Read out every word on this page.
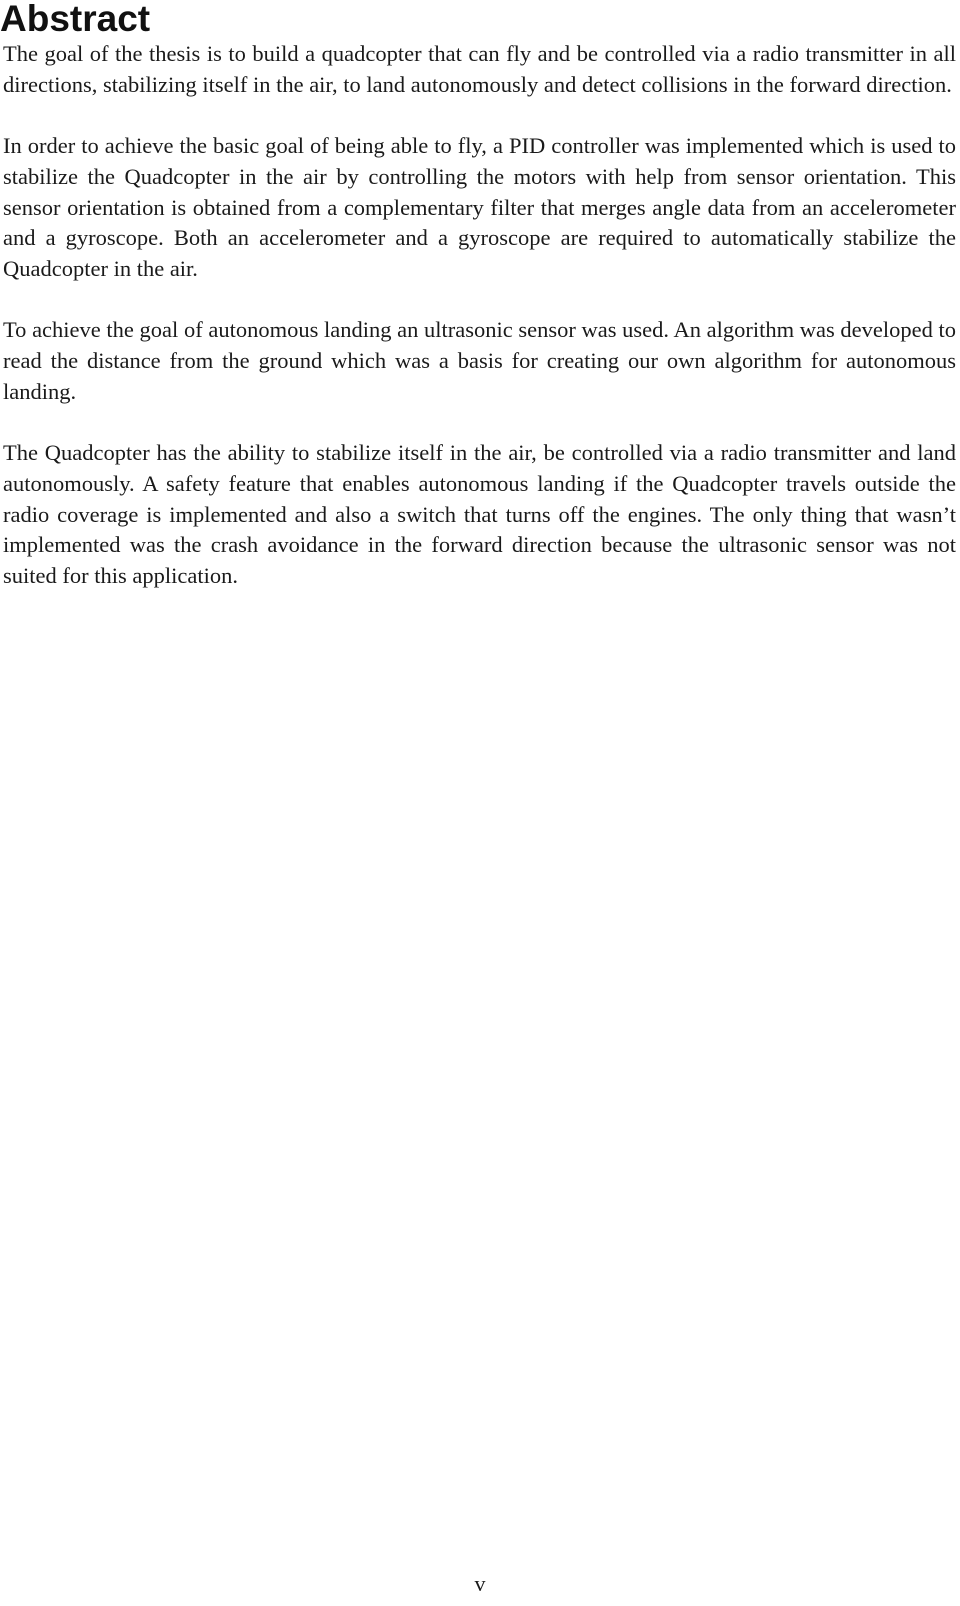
Abstract

The goal of the thesis is to build a quadcopter that can fly and be controlled via a radio transmitter in all directions, stabilizing itself in the air, to land autonomously and detect collisions in the forward direction.

In order to achieve the basic goal of being able to fly, a PID controller was implemented which is used to stabilize the Quadcopter in the air by controlling the motors with help from sensor orientation. This sensor orientation is obtained from a complementary filter that merges angle data from an accelerometer and a gyroscope. Both an accelerometer and a gyroscope are required to automatically stabilize the Quadcopter in the air.

To achieve the goal of autonomous landing an ultrasonic sensor was used. An algorithm was developed to read the distance from the ground which was a basis for creating our own algorithm for autonomous landing.

The Quadcopter has the ability to stabilize itself in the air, be controlled via a radio transmitter and land autonomously. A safety feature that enables autonomous landing if the Quadcopter travels outside the radio coverage is implemented and also a switch that turns off the engines. The only thing that wasn’t implemented was the crash avoidance in the forward direction because the ultrasonic sensor was not suited for this application.

v
